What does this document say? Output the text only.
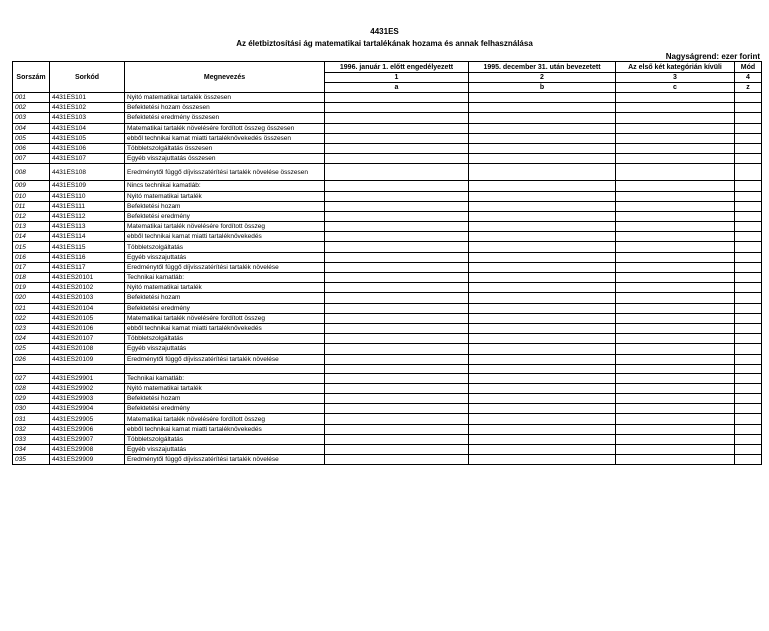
4431ES
Az életbiztosítási ág matematikai tartalékának hozama és annak felhasználása
Nagyságrend: ezer forint
Sorszám	Sorkód	Megnevezés	1996. január 1. előtt engedélyezett	1995. december 31. után bevezetett	Az első két kategórián kívüli	Mód
			1	2	3	4
			a	b	c	z
001	4431ES101	Nyitó matematikai tartalék összesen				
002	4431ES102	Befektetési hozam összesen				
003	4431ES103	Befektetési eredmény összesen				
004	4431ES104	Matematikai tartalék növelésére fordított összeg összesen				
005	4431ES105	ebből technikai kamat miatti tartaléknövekedés összesen				
006	4431ES106	Többletszolgáltatás összesen				
007	4431ES107	Egyéb visszajuttatás összesen				
008	4431ES108	Eredménytől függő díjvisszatérítési tartalék növelése összesen				
009	4431ES109	Nincs technikai kamatláb:				
010	4431ES110	Nyitó matematikai tartalék				
011	4431ES111	Befektetési hozam				
012	4431ES112	Befektetési eredmény				
013	4431ES113	Matematikai tartalék növelésére fordított összeg				
014	4431ES114	ebből technikai kamat miatti tartaléknövekedés				
015	4431ES115	Többletszolgáltatás				
016	4431ES116	Egyéb visszajuttatás				
017	4431ES117	Eredménytől függő díjvisszatérítési tartalék növelése				
018	4431ES20101	Technikai kamatláb:				
019	4431ES20102	Nyitó matematikai tartalék				
020	4431ES20103	Befektetési hozam				
021	4431ES20104	Befektetési eredmény				
022	4431ES20105	Matematikai tartalék növelésére fordított összeg				
023	4431ES20106	ebből technikai kamat miatti tartaléknövekedés				
024	4431ES20107	Többletszolgáltatás				
025	4431ES20108	Egyéb visszajuttatás				
026	4431ES20109	Eredménytől függő díjvisszatérítési tartalék növelése				

027	4431ES29901	Technikai kamatláb:				
028	4431ES29902	Nyitó matematikai tartalék				
029	4431ES29903	Befektetési hozam				
030	4431ES29904	Befektetési eredmény				
031	4431ES29905	Matematikai tartalék növelésére fordított összeg				
032	4431ES29906	ebből technikai kamat miatti tartaléknövekedés				
033	4431ES29907	Többletszolgáltatás				
034	4431ES29908	Egyéb visszajuttatás				
035	4431ES29909	Eredménytől függő díjvisszatérítési tartalék növelése				
